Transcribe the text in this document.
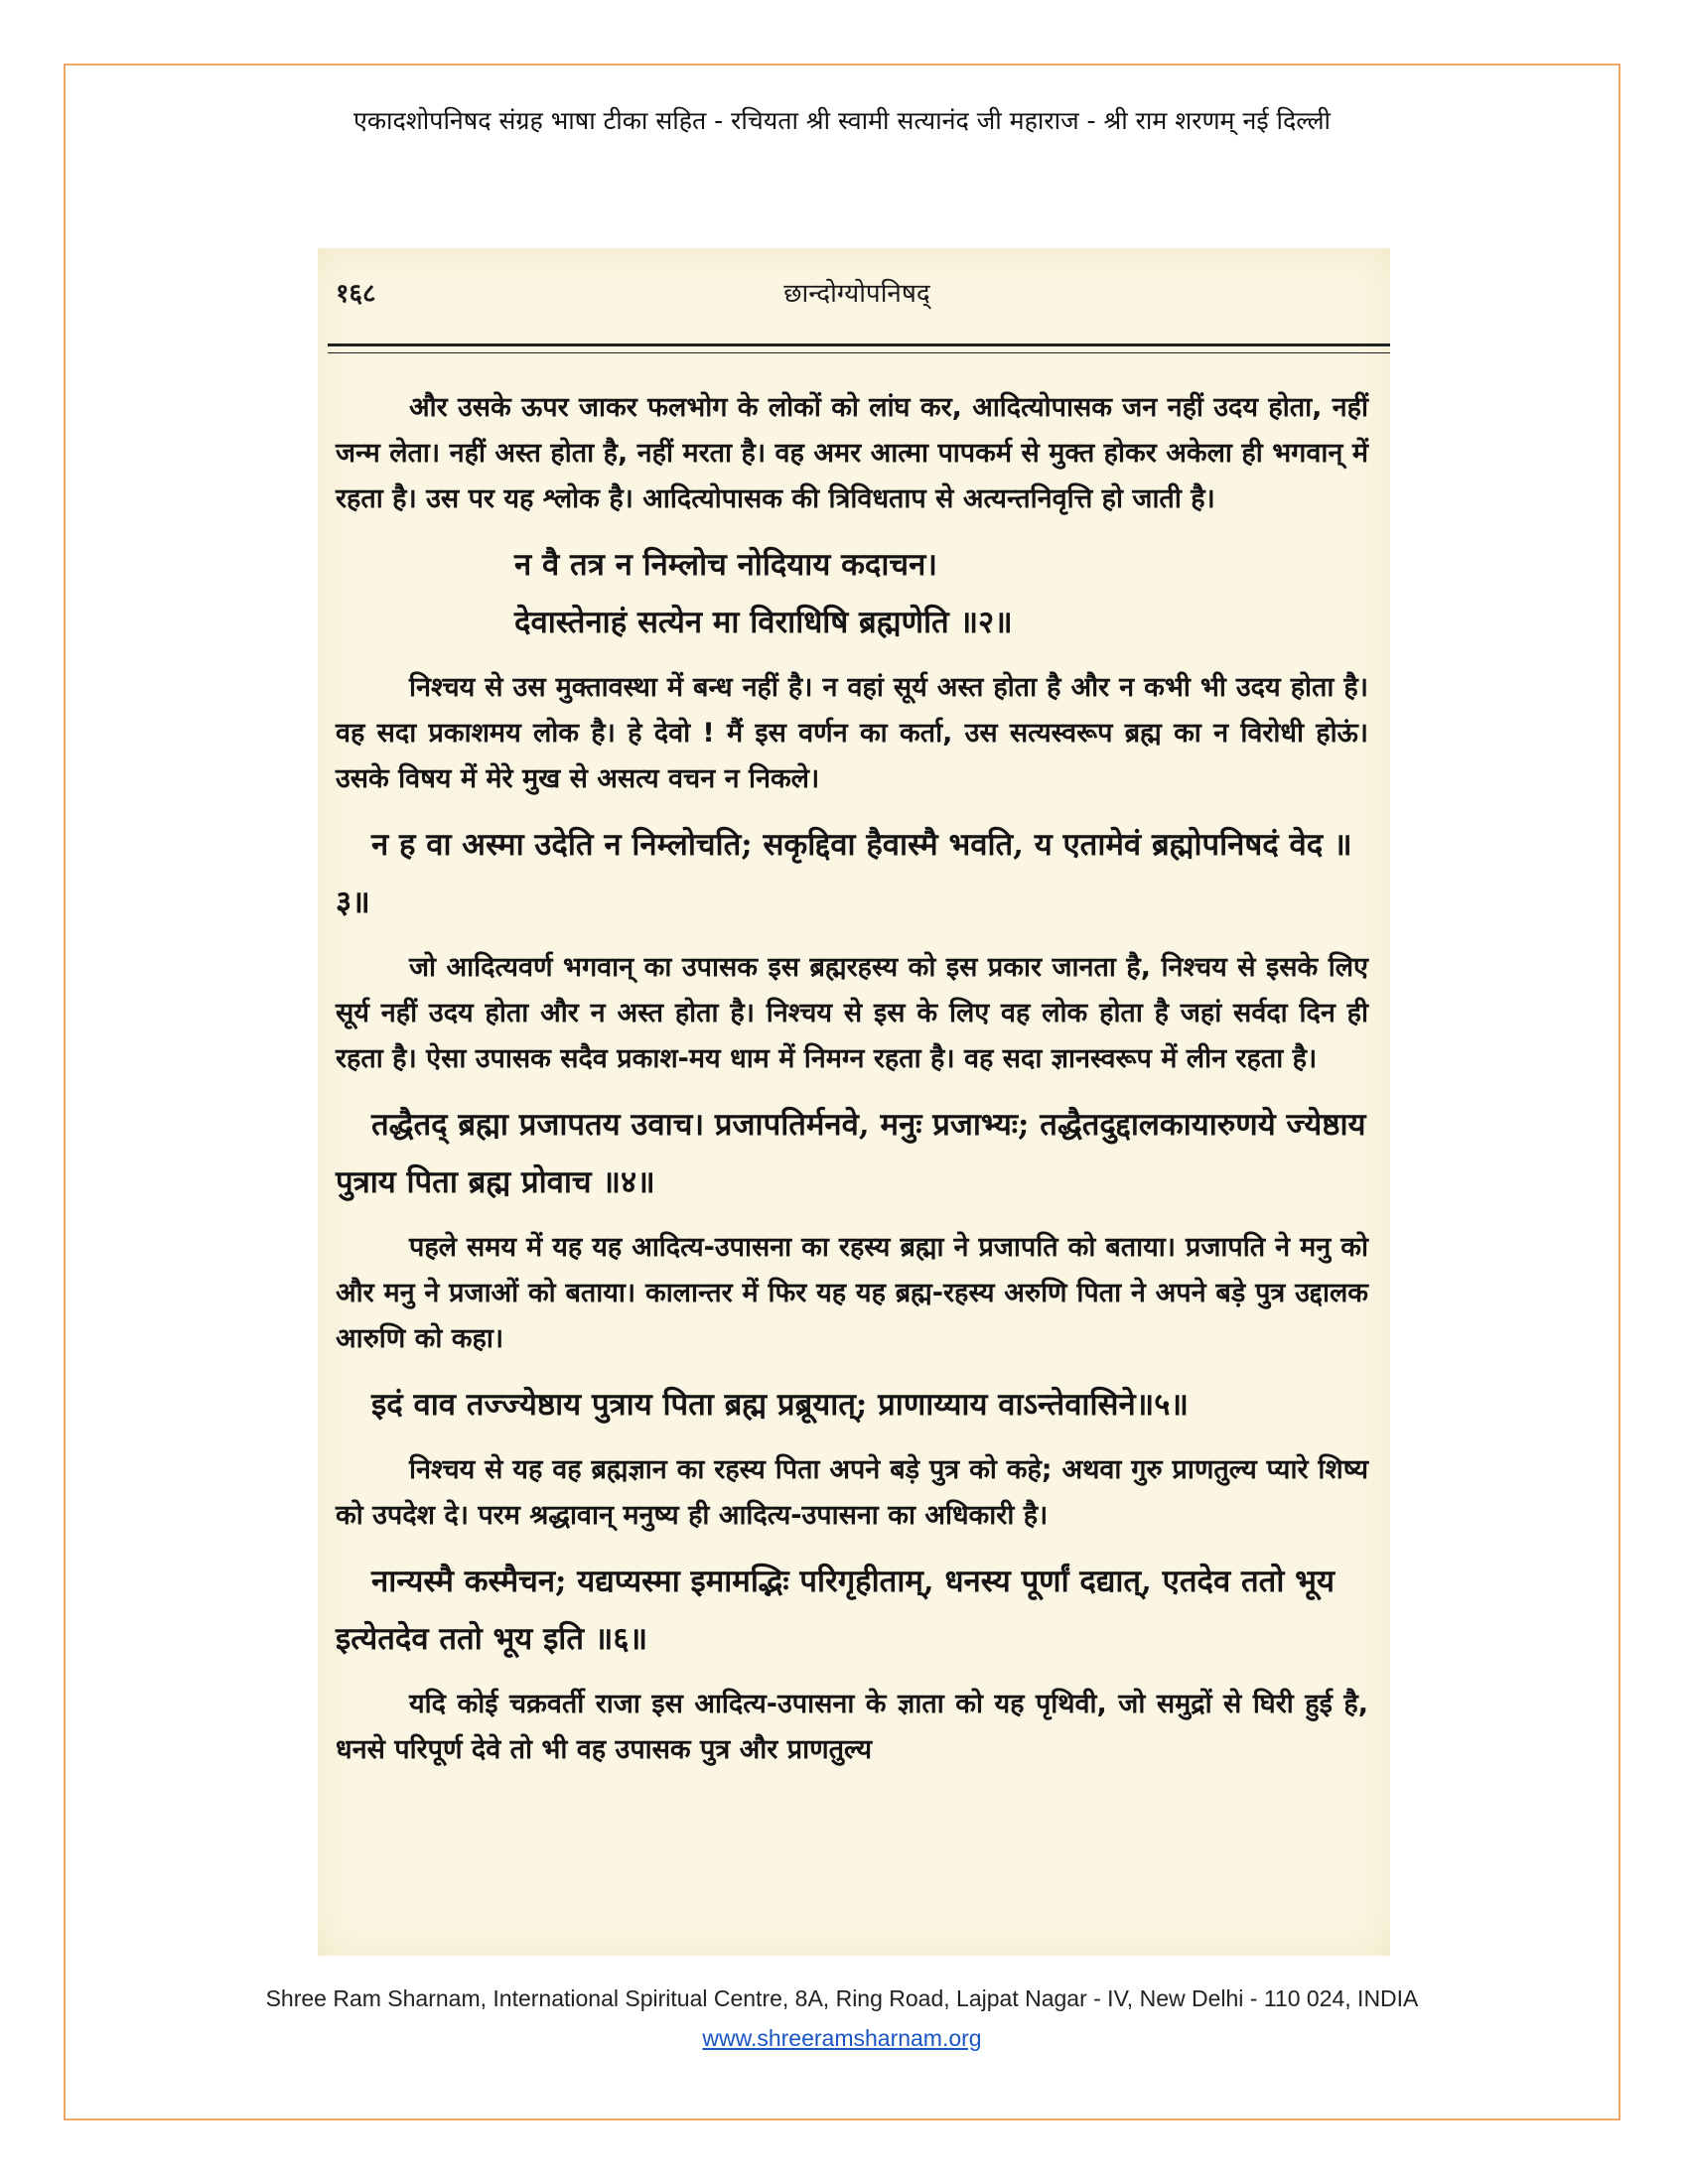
एकादशोपनिषद संग्रह भाषा टीका सहित - रचियता श्री स्वामी सत्यानंद जी महाराज - श्री राम शरणम् नई दिल्ली
१६८	छान्दोग्योपनिषद्

और उसके ऊपर जाकर फलभोग के लोकों को लांघ कर, आदित्योपासक जन नहीं उदय होता, नहीं जन्म लेता। नहीं अस्त होता है, नहीं मरता है। वह अमर आत्मा पापकर्म से मुक्त होकर अकेला ही भगवान् में रहता है। उस पर यह श्लोक है। आदित्योपासक की त्रिविधताप से अत्यन्तनिवृत्ति हो जाती है।

न वै तत्र न निम्लोच नोदियाय कदाचन।
देवास्तेनाहं सत्येन मा विराधिषि ब्रह्मणेति ॥२॥

निश्चय से उस मुक्तावस्था में बन्ध नहीं है। न वहां सूर्य अस्त होता है और न कभी भी उदय होता है। वह सदा प्रकाशमय लोक है। हे देवो ! मैं इस वर्णन का कर्ता, उस सत्यस्वरूप ब्रह्म का न विरोधी होऊं। उसके विषय में मेरे मुख से असत्य वचन न निकले।

न ह वा अस्मा उदेति न निम्लोचति; सकृद्दिवा हैवास्मै भवति, य एतामेवं ब्रह्मोपनिषदं वेद ॥३॥

जो आदित्यवर्ण भगवान् का उपासक इस ब्रह्मरहस्य को इस प्रकार जानता है, निश्चय से इसके लिए सूर्य नहीं उदय होता और न अस्त होता है। निश्चय से इस के लिए वह लोक होता है जहां सर्वदा दिन ही रहता है। ऐसा उपासक सदैव प्रकाश-मय धाम में निमग्न रहता है। वह सदा ज्ञानस्वरूप में लीन रहता है।

तद्धैतद् ब्रह्मा प्रजापतय उवाच। प्रजापतिर्मनवे, मनुः प्रजाभ्यः; तद्धैतदुद्दालकायारुणये ज्येष्ठाय पुत्राय पिता ब्रह्म प्रोवाच ॥४॥

पहले समय में यह यह आदित्य-उपासना का रहस्य ब्रह्मा ने प्रजापति को बताया। प्रजापति ने मनु को और मनु ने प्रजाओं को बताया। कालान्तर में फिर यह यह ब्रह्म-रहस्य अरुणि पिता ने अपने बड़े पुत्र उद्दालक आरुणि को कहा।

इदं वाव तज्ज्येष्ठाय पुत्राय पिता ब्रह्म प्रब्रूयात्; प्राणाय्याय वाऽन्तेवासिने॥५॥

निश्चय से यह वह ब्रह्मज्ञान का रहस्य पिता अपने बड़े पुत्र को कहे; अथवा गुरु प्राणतुल्य प्यारे शिष्य को उपदेश दे। परम श्रद्धावान् मनुष्य ही आदित्य-उपासना का अधिकारी है।

नान्यस्मै कस्मैचन; यद्यप्यस्मा इमामद्भिः परिगृहीताम्, धनस्य पूर्णां दद्यात्, एतदेव ततो भूय इत्येतदेव ततो भूय इति ॥६॥

यदि कोई चक्रवर्ती राजा इस आदित्य-उपासना के ज्ञाता को यह पृथिवी, जो समुद्रों से घिरी हुई है, धनसे परिपूर्ण देवे तो भी वह उपासक पुत्र और प्राणतुल्य

Shree Ram Sharnam, International Spiritual Centre, 8A, Ring Road, Lajpat Nagar - IV, New Delhi - 110 024, INDIA
www.shreeramsharnam.org
